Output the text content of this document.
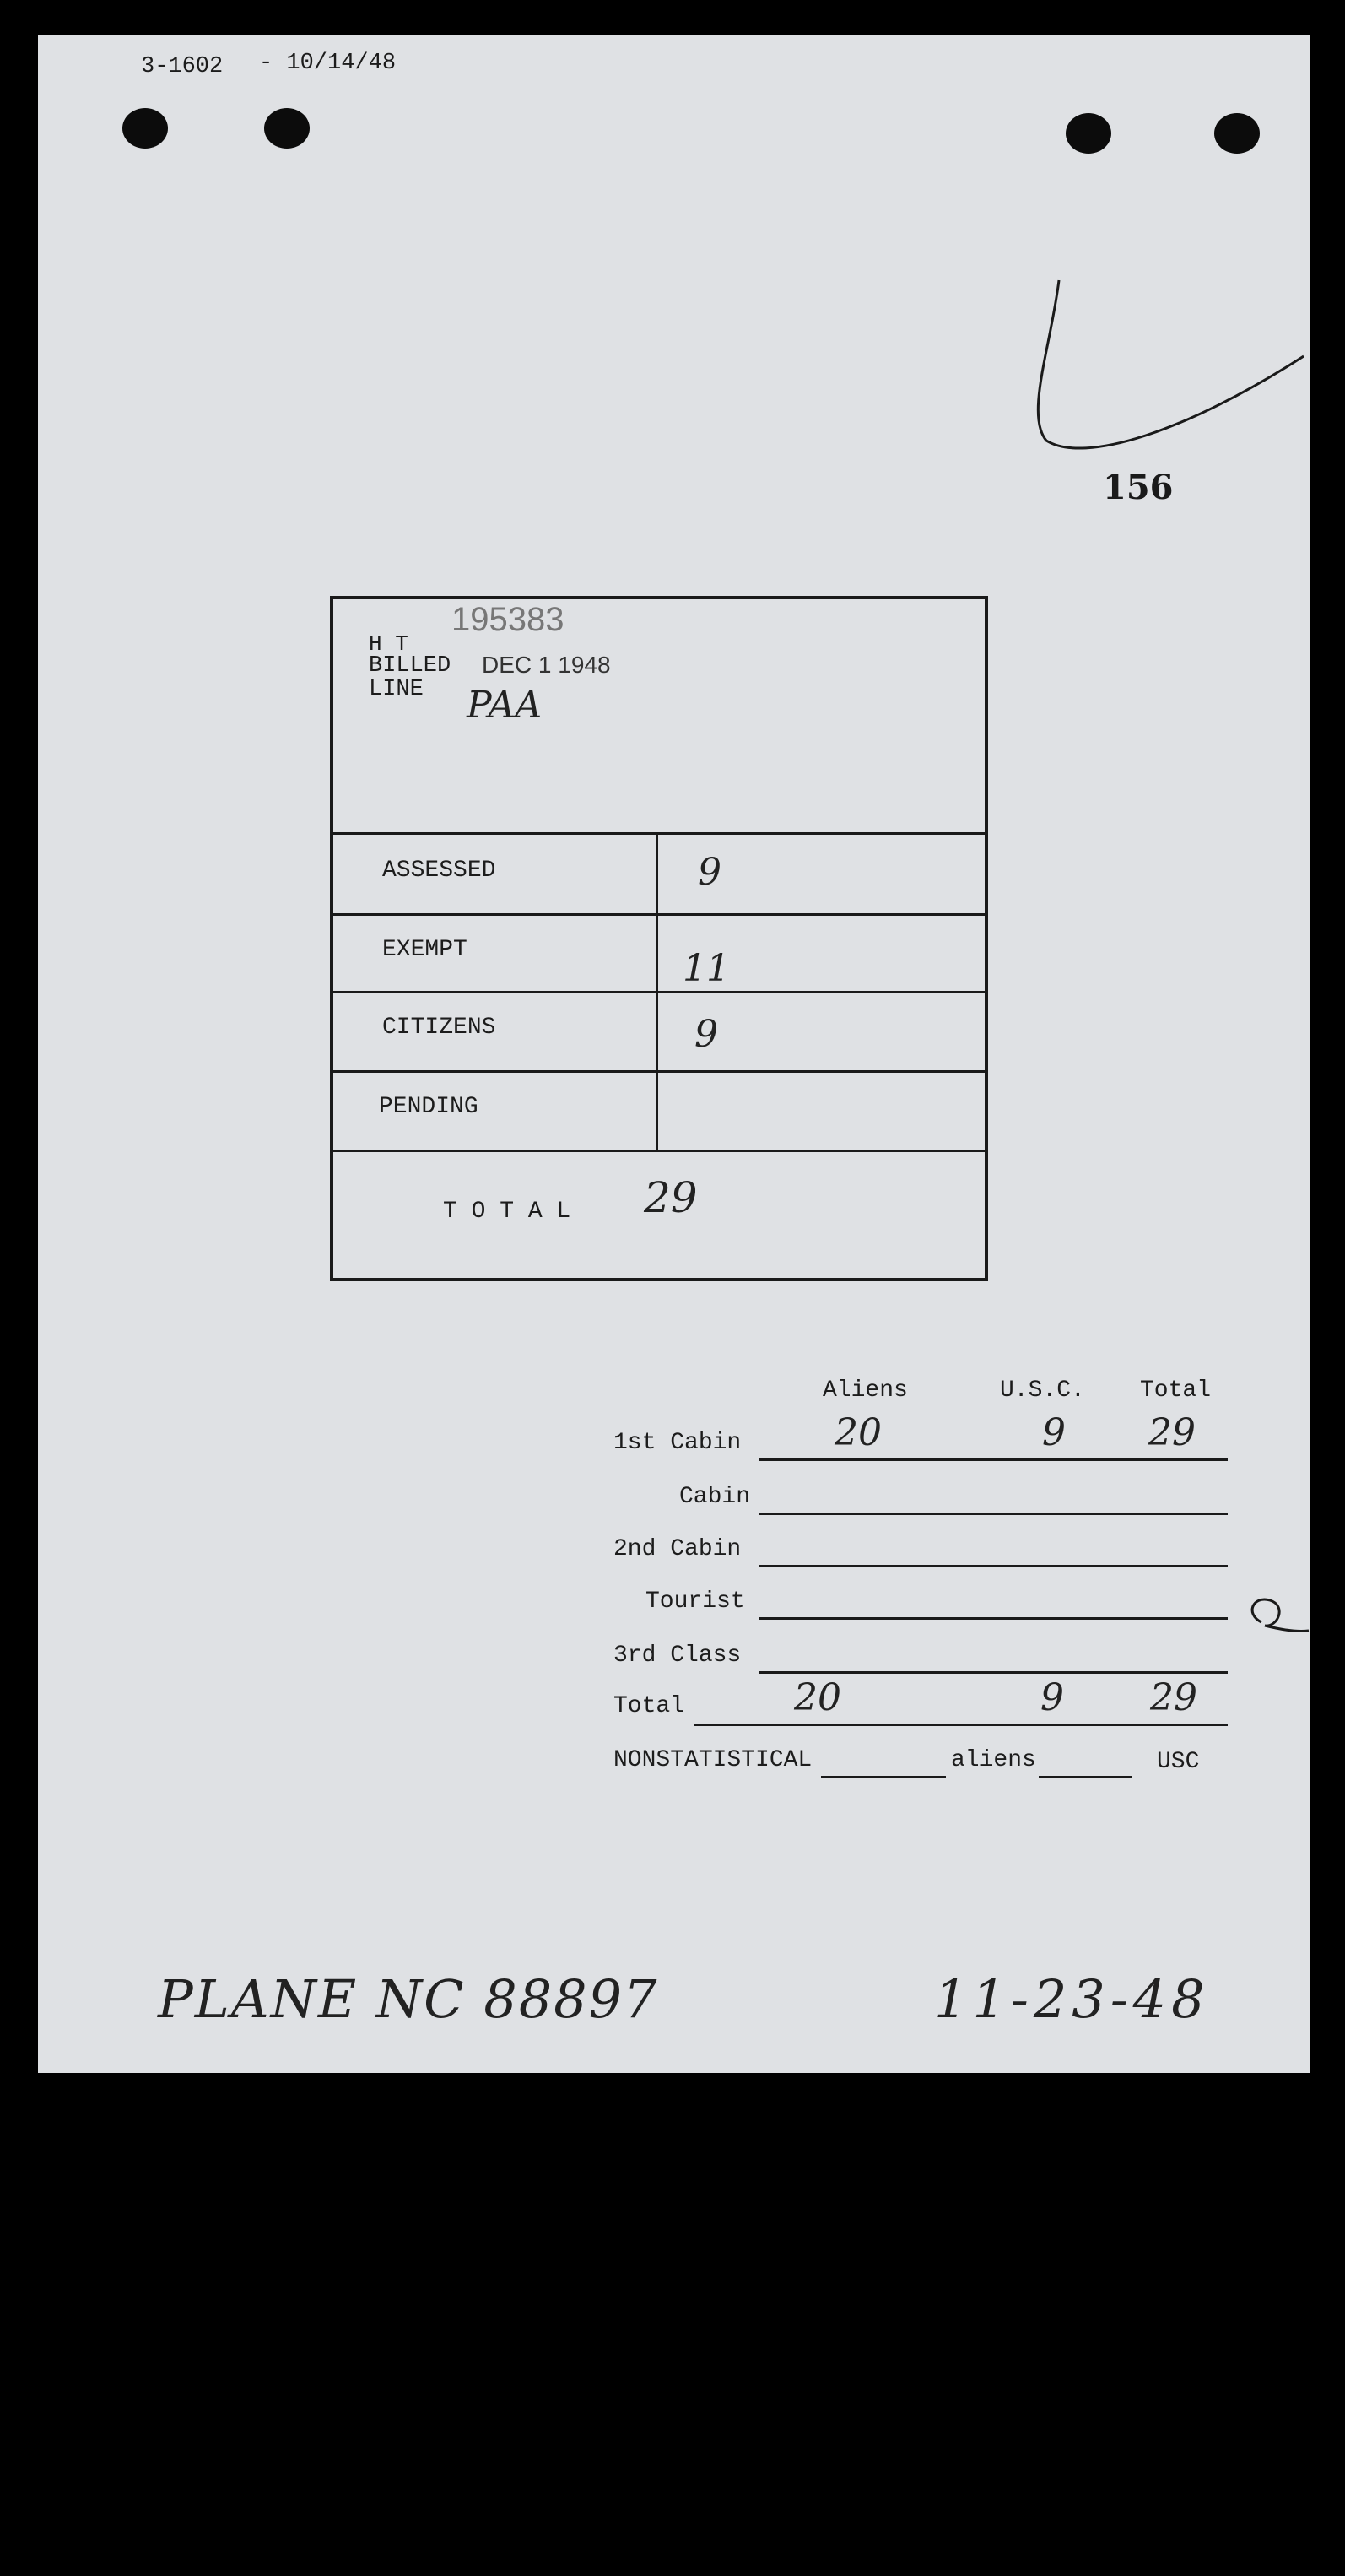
3-1602 - 10/14/48
156
195383
H T
BILLED DEC 1 1948
LINE PAA
ASSESSED	9
EXEMPT	11
CITIZENS	9
PENDING
T O T A L 29
Aliens	U.S.C. Total
1st Cabin	20	9 29
Cabin
2nd Cabin
Tourist
3rd Class
Total	20	9 29
NONSTATISTICAL	aliens	USC
PLANE NC 88897	11-23-48
